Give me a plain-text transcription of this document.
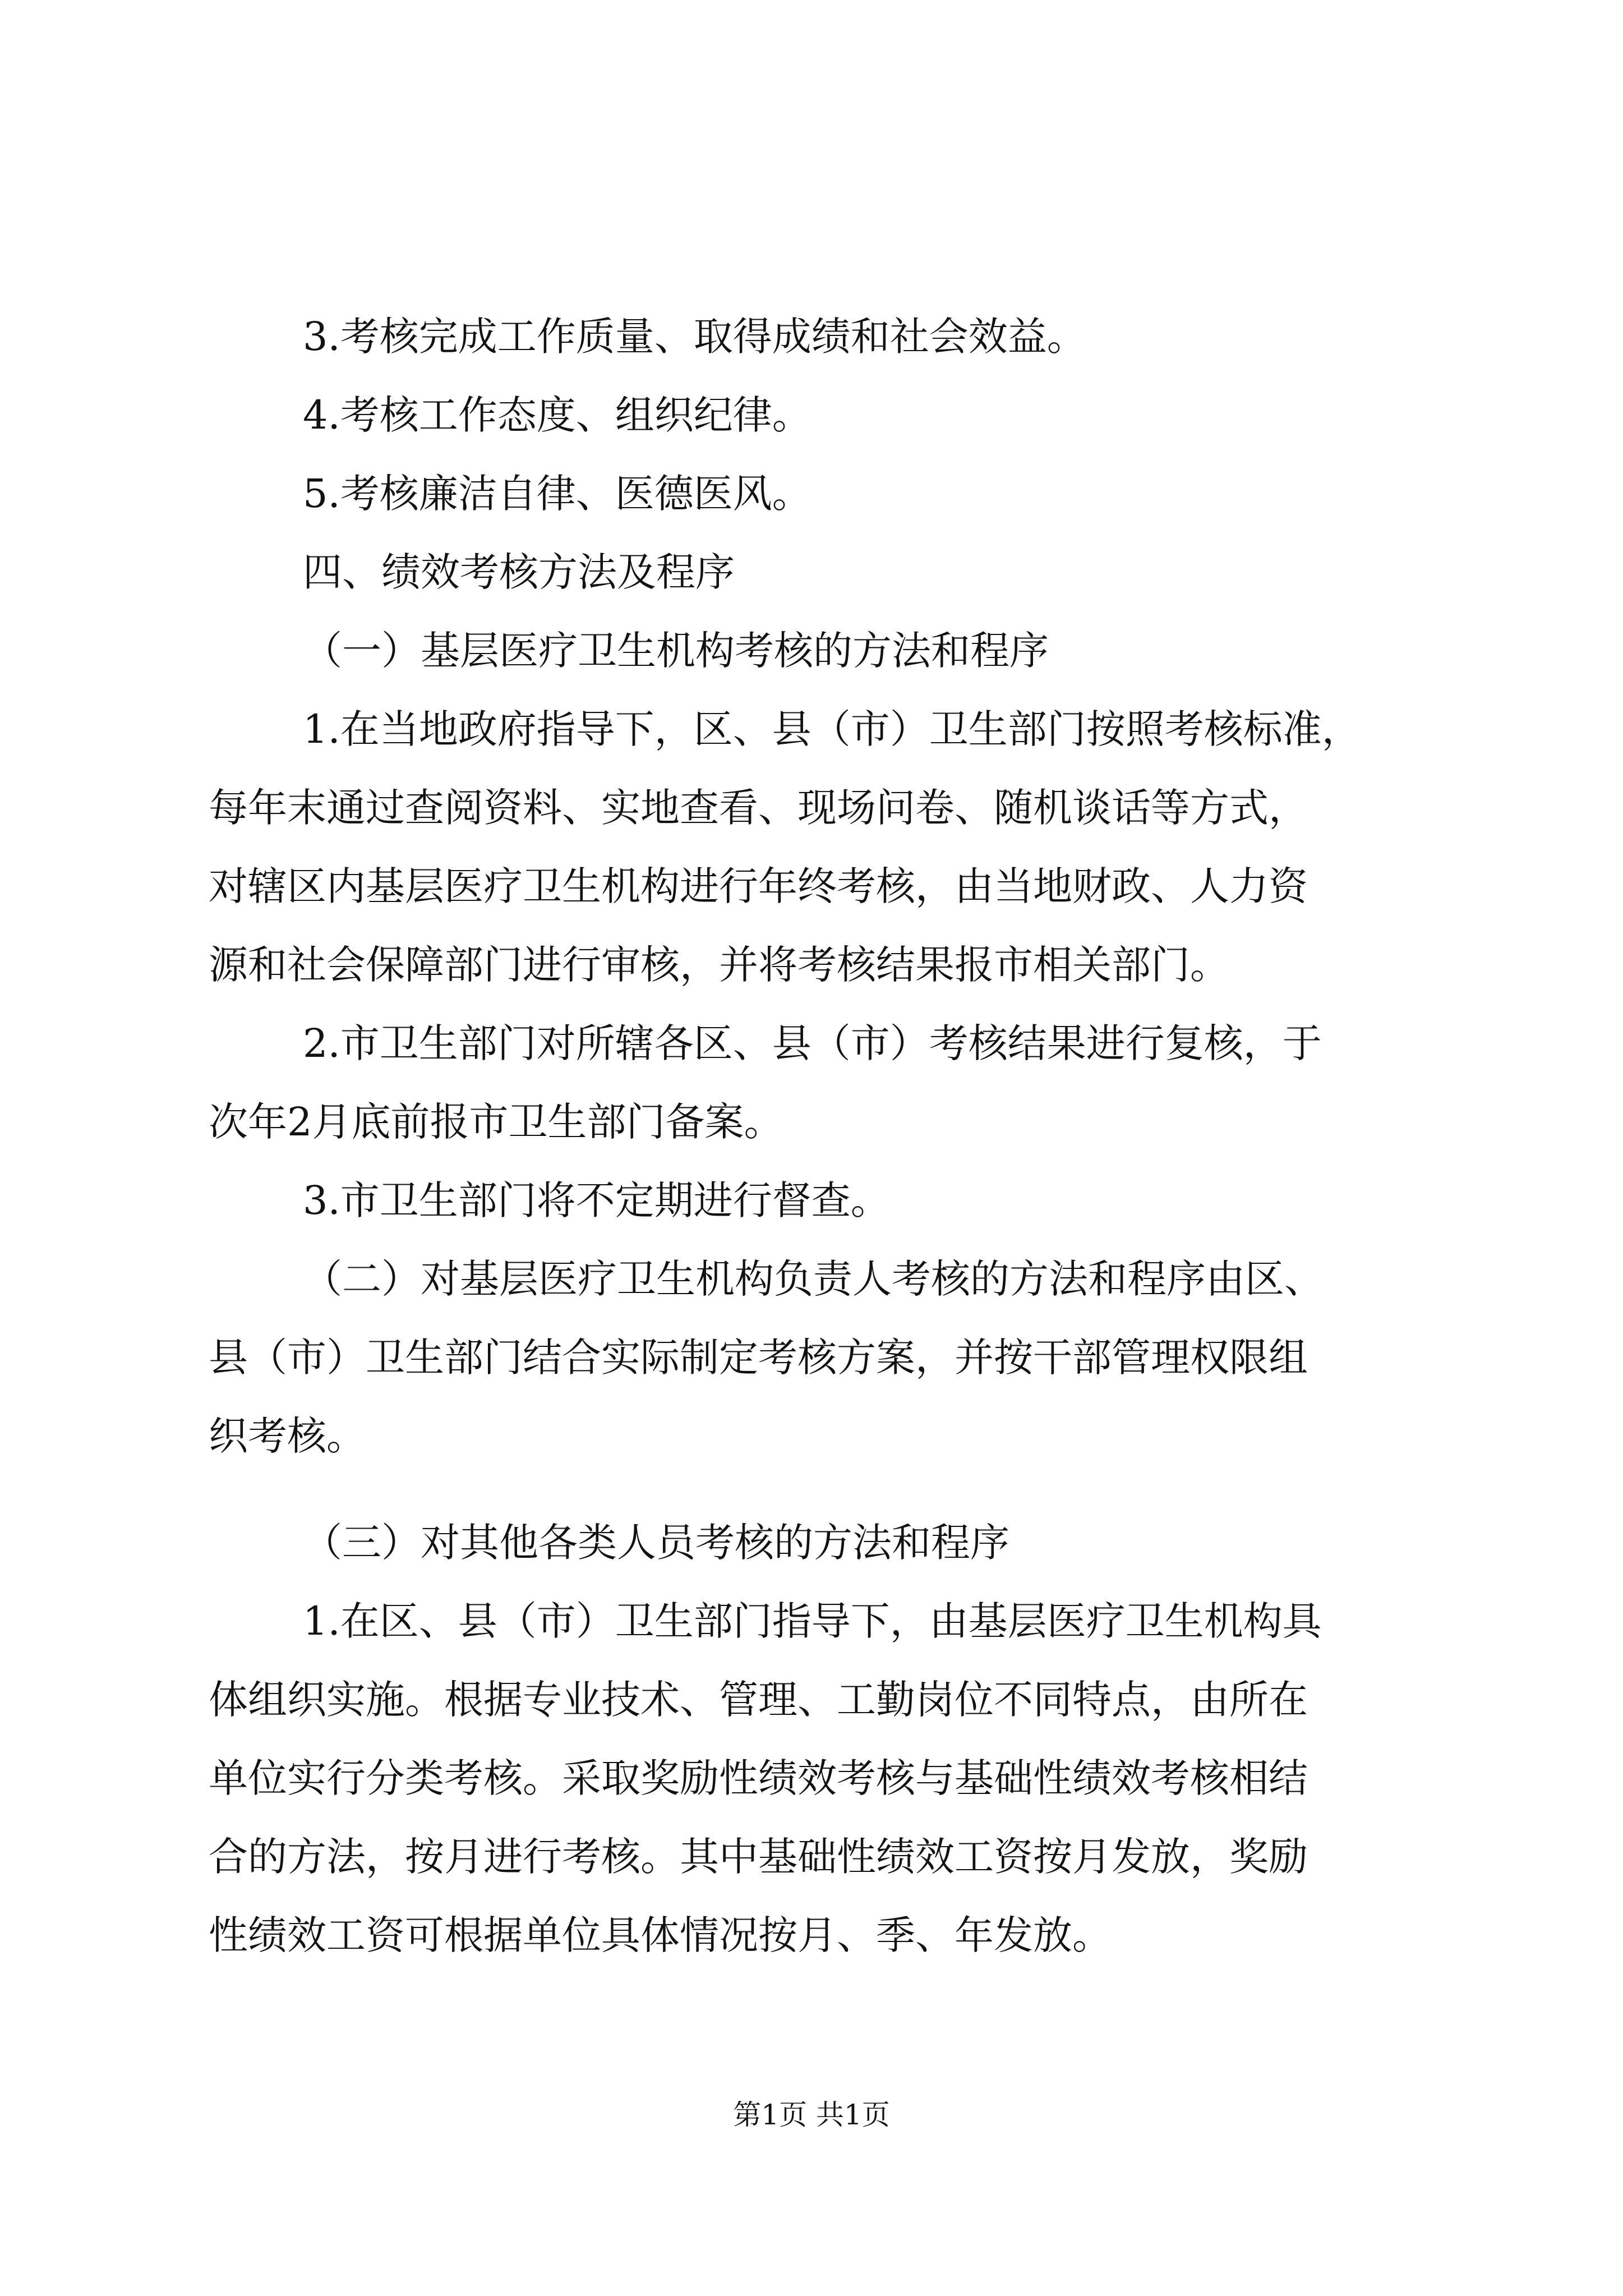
3.考核完成工作质量、取得成绩和社会效益。
4.考核工作态度、组织纪律。
5.考核廉洁自律、医德医风。
四、绩效考核方法及程序
（一）基层医疗卫生机构考核的方法和程序
1.在当地政府指导下，区、县（市）卫生部门按照考核标准，
每年末通过查阅资料、实地查看、现场问卷、随机谈话等方式，
对辖区内基层医疗卫生机构进行年终考核，由当地财政、人力资
源和社会保障部门进行审核，并将考核结果报市相关部门。
2.市卫生部门对所辖各区、县（市）考核结果进行复核，于
次年2月底前报市卫生部门备案。
3.市卫生部门将不定期进行督查。
（二）对基层医疗卫生机构负责人考核的方法和程序由区、
县（市）卫生部门结合实际制定考核方案，并按干部管理权限组
织考核。
（三）对其他各类人员考核的方法和程序
1.在区、县（市）卫生部门指导下，由基层医疗卫生机构具
体组织实施。根据专业技术、管理、工勤岗位不同特点，由所在
单位实行分类考核。采取奖励性绩效考核与基础性绩效考核相结
合的方法，按月进行考核。其中基础性绩效工资按月发放，奖励
性绩效工资可根据单位具体情况按月、季、年发放。
第1页 共1页
